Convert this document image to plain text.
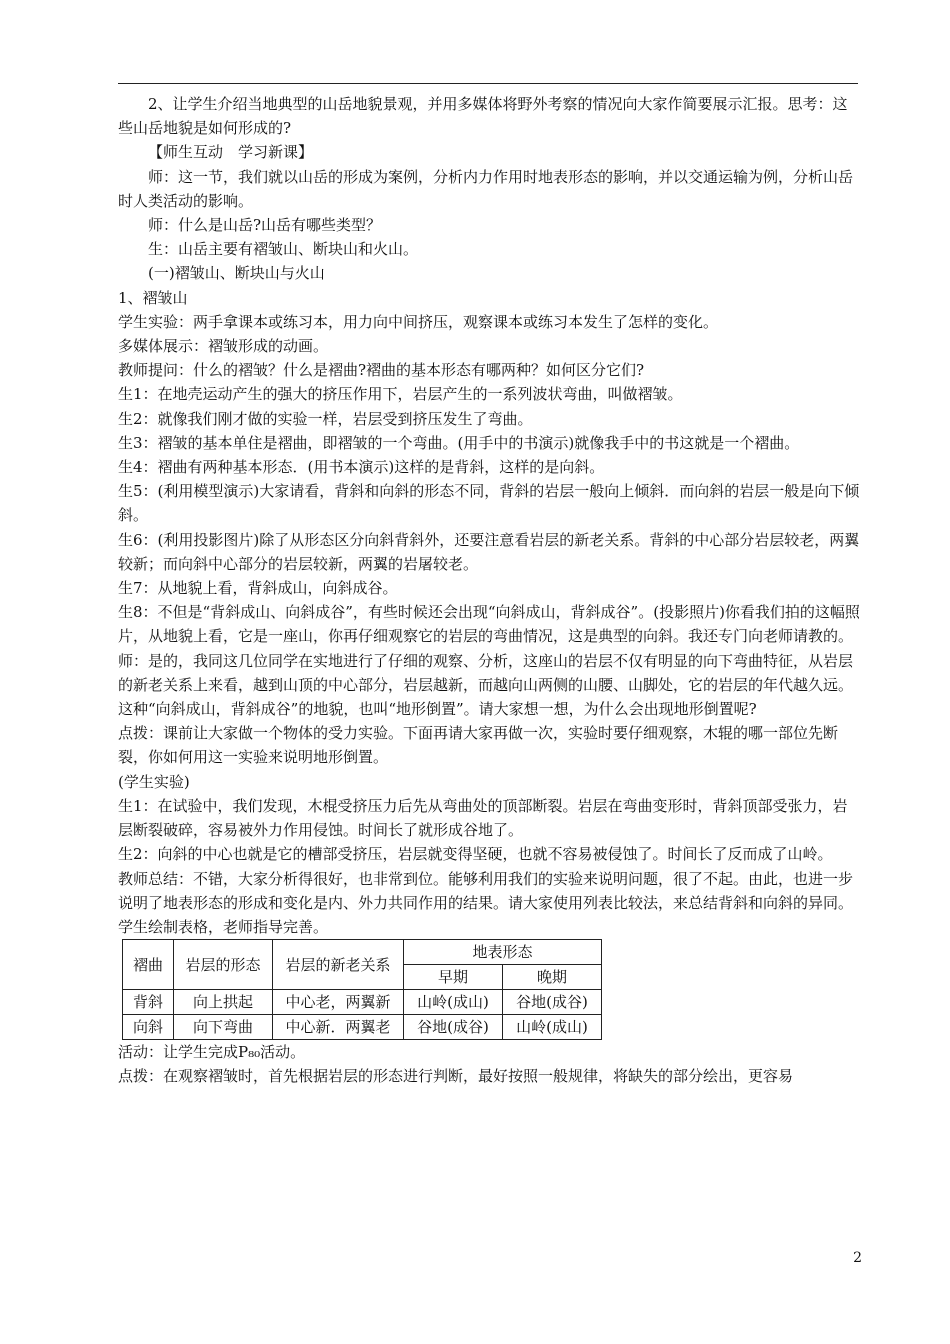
2、让学生介绍当地典型的山岳地貌景观，并用多媒体将野外考察的情况向大家作简要展示汇报。思考：这些山岳地貌是如何形成的?

【师生互动　学习新课】

师：这一节，我们就以山岳的形成为案例，分析内力作用时地表形态的影响，并以交通运输为例，分析山岳时人类活动的影响。

师：什么是山岳?山岳有哪些类型？

生：山岳主要有褶皱山、断块山和火山。

(一)褶皱山、断块山与火山

1、褶皱山

学生实验：两手拿课本或练习本，用力向中间挤压，观察课本或练习本发生了怎样的变化。

多媒体展示：褶皱形成的动画。

教师提问：什么的褶皱？什么是褶曲?褶曲的基本形态有哪两种？如何区分它们?

生1：在地壳运动产生的强大的挤压作用下，岩层产生的一系列波状弯曲，叫做褶皱。

生2：就像我们刚才做的实验一样，岩层受到挤压发生了弯曲。

生3：褶皱的基本单住是褶曲，即褶皱的一个弯曲。(用手中的书演示)就像我手中的书这就是一个褶曲。

生4：褶曲有两种基本形态．(用书本演示)这样的是背斜，这样的是向斜。

生5：(利用模型演示)大家请看，背斜和向斜的形态不同，背斜的岩层一般向上倾斜．而向斜的岩层一般是向下倾斜。

生6：(利用投影图片)除了从形态区分向斜背斜外，还要注意看岩层的新老关系。背斜的中心部分岩层较老，两翼较新；而向斜中心部分的岩层较新，两翼的岩屠较老。

生7：从地貌上看，背斜成山，向斜成谷。

生8：不但是“背斜成山、向斜成谷”，有些时候还会出现“向斜成山，背斜成谷”。(投影照片)你看我们拍的这幅照片，从地貌上看，它是一座山，你再仔细观察它的岩层的弯曲情况，这是典型的向斜。我还专门向老师请教的。

师：是的，我同这几位同学在实地进行了仔细的观察、分析，这座山的岩层不仅有明显的向下弯曲特征，从岩层的新老关系上来看，越到山顶的中心部分，岩层越新，而越向山两侧的山腰、山脚处，它的岩层的年代越久远。这种“向斜成山，背斜成谷”的地貌，也叫“地形倒置”。请大家想一想，为什么会出现地形倒置呢?

点拨：课前让大家做一个物体的受力实验。下面再请大家再做一次，实验时要仔细观察，木辊的哪一部位先断裂，你如何用这一实验来说明地形倒置。

(学生实验)

生1：在试验中，我们发现，木棍受挤压力后先从弯曲处的顶部断裂。岩层在弯曲变形时，背斜顶部受张力，岩层断裂破碎，容易被外力作用侵蚀。时间长了就形成谷地了。

生2：向斜的中心也就是它的槽部受挤压，岩层就变得坚硬，也就不容易被侵蚀了。时间长了反而成了山岭。

教师总结：不错，大家分析得很好，也非常到位。能够利用我们的实验来说明问题，很了不起。由此，也进一步说明了地表形态的形成和变化是内、外力共同作用的结果。请大家使用列表比较法，来总结背斜和向斜的异同。

学生绘制表格，老师指导完善。

褶曲	岩层的形态	岩层的新老关系	地表形态	
			早期	晚期
背斜	向上拱起	中心老，两翼新	山岭(成山)	谷地(成谷)
向斜	向下弯曲	中心新．两翼老	谷地(成谷)	山岭(成山)

活动：让学生完成P₈₀活动。

点拨：在观察褶皱时，首先根据岩层的形态进行判断，最好按照一般规律，将缺失的部分绘出，更容易

2
